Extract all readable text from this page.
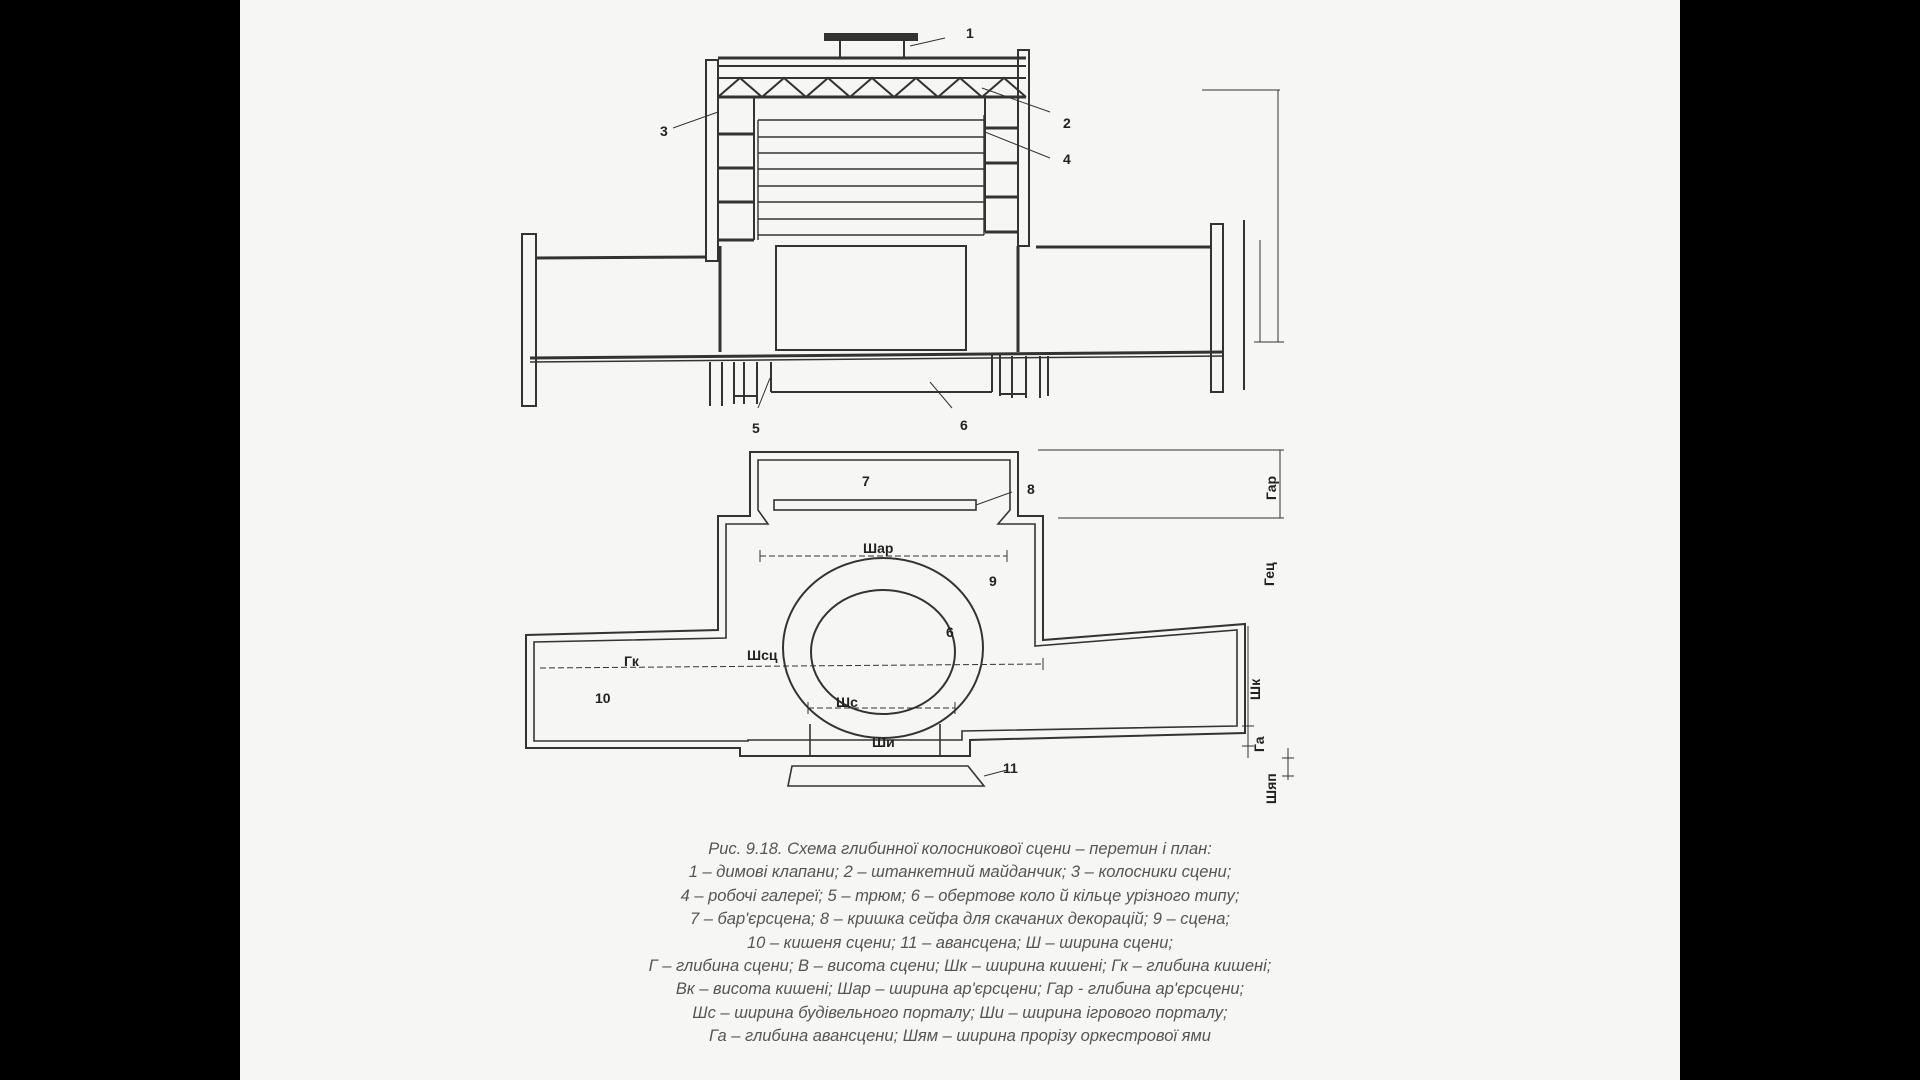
1
2
3
4
5	6
7	8
9
6
10
11
Шар
Шсц
Гк
Шс
Ши
Гар
Гец
Шк
Га
Шяп
Рис. 9.18. Схема глибинної колосникової сцени – перетин і план:
1 – димові клапани; 2 – штанкетний майданчик; 3 – колосники сцени;
4 – робочі галереї; 5 – трюм; 6 – обертове коло й кільце урізного типу;
7 – бар'єрсцена; 8 – кришка сейфа для скачаних декорацій; 9 – сцена;
10 – кишеня сцени; 11 – авансцена; Ш – ширина сцени;
Г – глибина сцени; В – висота сцени; Шк – ширина кишені; Гк – глибина кишені;
Вк – висота кишені; Шар – ширина ар'єрсцени; Гар - глибина ар'єрсцени;
Шс – ширина будівельного порталу; Ши – ширина ігрового порталу;
Га – глибина авансцени; Шям – ширина прорізу оркестрової ями
